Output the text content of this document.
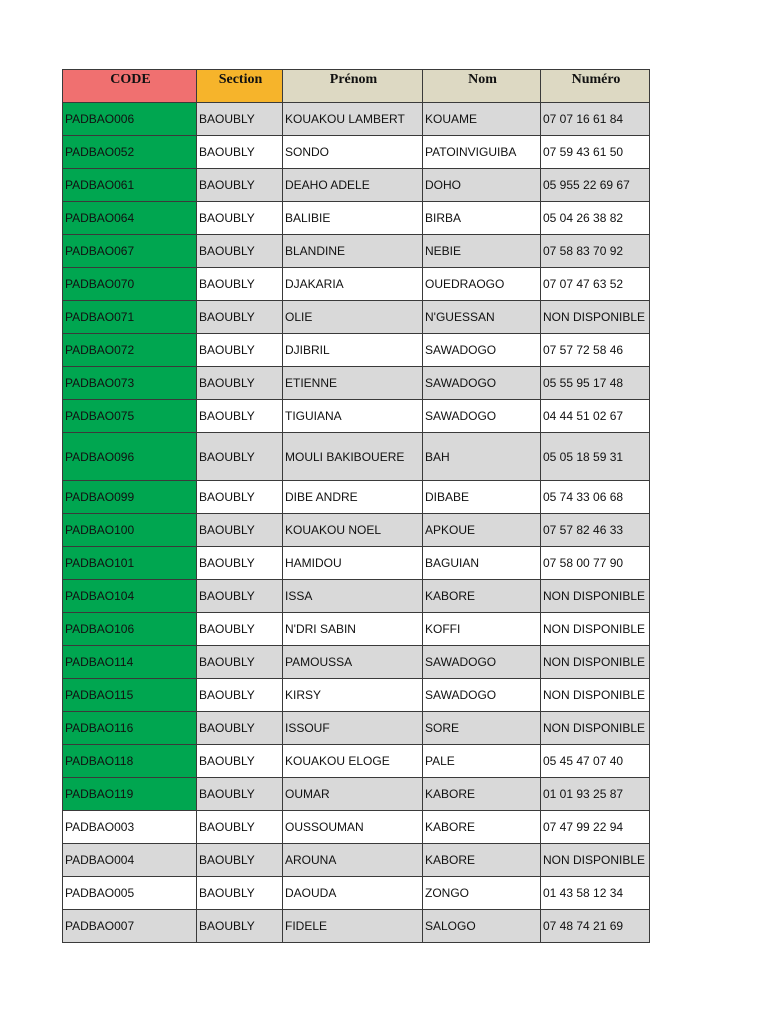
CODE	Section	Prénom	Nom	Numéro
PADBAO006	BAOUBLY	KOUAKOU LAMBERT	KOUAME	07 07 16 61 84
PADBAO052	BAOUBLY	SONDO	PATOINVIGUIBA	07 59 43 61 50
PADBAO061	BAOUBLY	DEAHO ADELE	DOHO	05 955 22 69 67
PADBAO064	BAOUBLY	BALIBIE	BIRBA	05 04 26 38 82
PADBAO067	BAOUBLY	BLANDINE	NEBIE	07 58 83 70 92
PADBAO070	BAOUBLY	DJAKARIA	OUEDRAOGO	07 07 47 63 52
PADBAO071	BAOUBLY	OLIE	N'GUESSAN	NON DISPONIBLE
PADBAO072	BAOUBLY	DJIBRIL	SAWADOGO	07 57 72 58 46
PADBAO073	BAOUBLY	ETIENNE	SAWADOGO	05 55 95 17 48
PADBAO075	BAOUBLY	TIGUIANA	SAWADOGO	04 44 51 02 67
PADBAO096	BAOUBLY	MOULI BAKIBOUERE	BAH	05 05 18 59 31
PADBAO099	BAOUBLY	DIBE ANDRE	DIBABE	05 74 33 06 68
PADBAO100	BAOUBLY	KOUAKOU NOEL	APKOUE	07 57 82 46 33
PADBAO101	BAOUBLY	HAMIDOU	BAGUIAN	07 58 00 77 90
PADBAO104	BAOUBLY	ISSA	KABORE	NON DISPONIBLE
PADBAO106	BAOUBLY	N'DRI SABIN	KOFFI	NON DISPONIBLE
PADBAO114	BAOUBLY	PAMOUSSA	SAWADOGO	NON DISPONIBLE
PADBAO115	BAOUBLY	KIRSY	SAWADOGO	NON DISPONIBLE
PADBAO116	BAOUBLY	ISSOUF	SORE	NON DISPONIBLE
PADBAO118	BAOUBLY	KOUAKOU ELOGE	PALE	05 45 47 07 40
PADBAO119	BAOUBLY	OUMAR	KABORE	01 01 93 25 87
PADBAO003	BAOUBLY	OUSSOUMAN	KABORE	07 47 99 22 94
PADBAO004	BAOUBLY	AROUNA	KABORE	NON DISPONIBLE
PADBAO005	BAOUBLY	DAOUDA	ZONGO	01 43 58 12 34
PADBAO007	BAOUBLY	FIDELE	SALOGO	07 48 74 21 69
